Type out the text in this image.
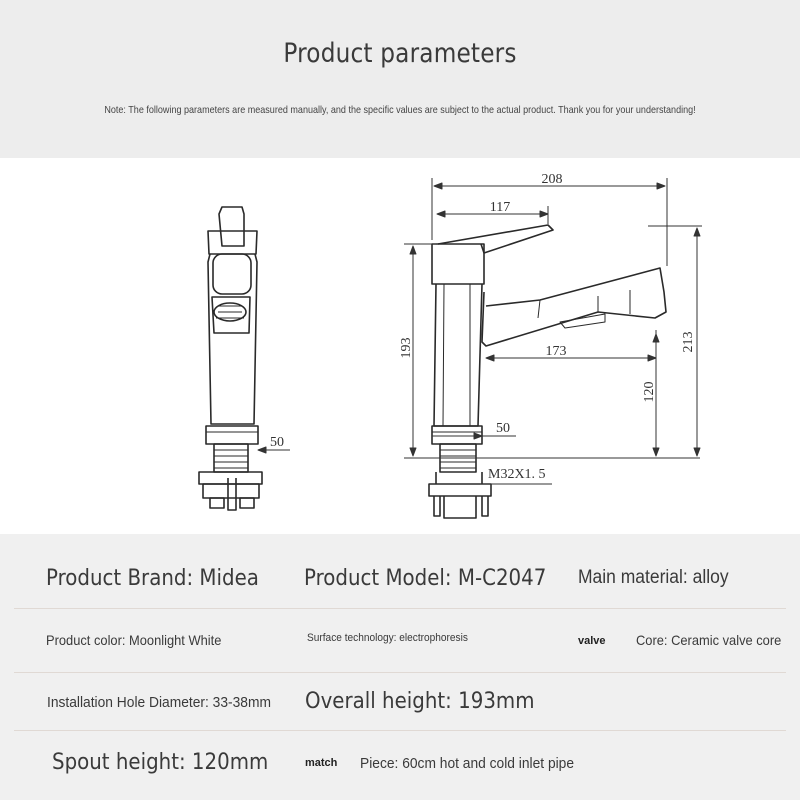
Product parameters
Note: The following parameters are measured manually, and the specific values are subject to the actual product. Thank you for your understanding!
208
117
193	213
173
120
50
50
M32X1. 5
Product Brand: Midea Product Model: M-C2047 Main material: alloy
Product color: Moonlight White	Surface technology: electrophoresis	valve Core: Ceramic valve core
Installation Hole Diameter: 33-38mm Overall height: 193mm
Spout height: 120mm	match Piece: 60cm hot and cold inlet pipe
